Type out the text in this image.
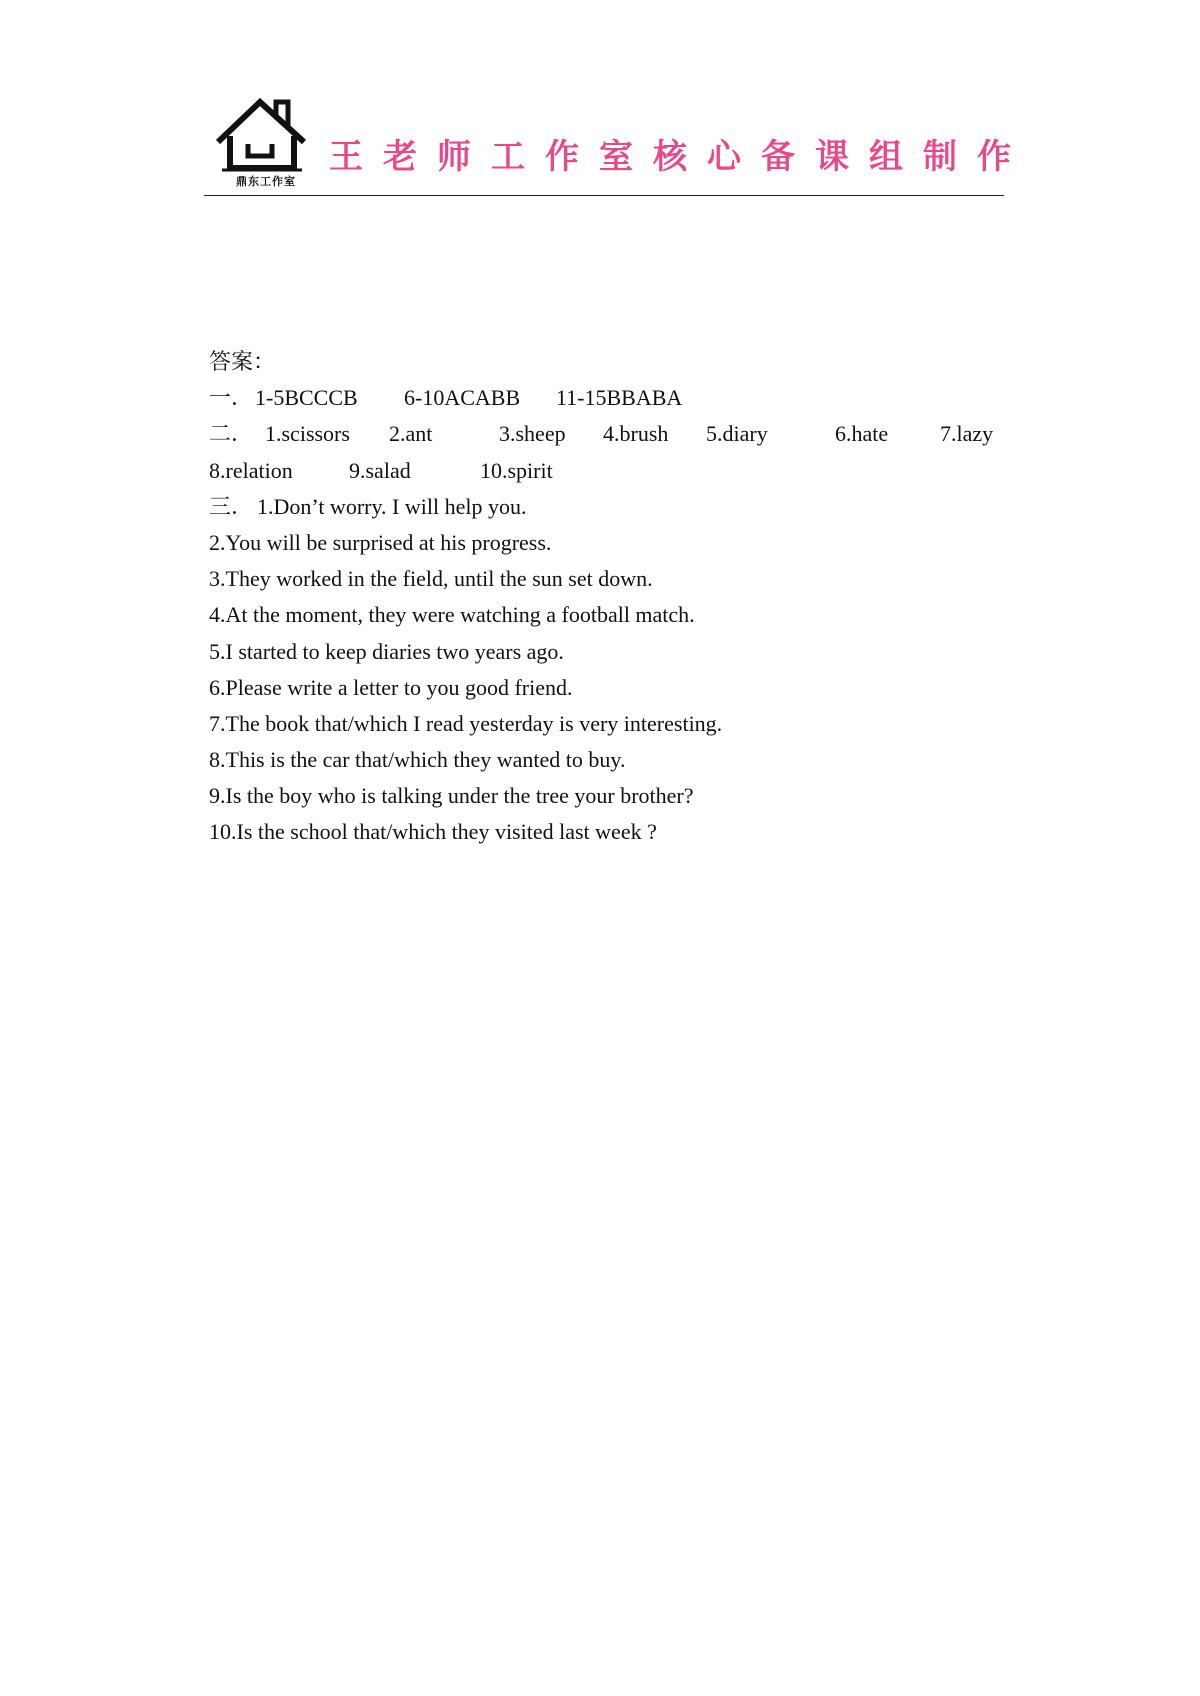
鼎东工作室
王老师工作室核心备课组制作
答案：
一．1-5BCCCB 6-10ACABB 11-15BBABA
二． 1.scissors 2.ant	3.sheep 4.brush 5.diary	6.hate 7.lazy
8.relation	9.salad	10.spirit
三． 1.Don’t worry. I will help you.
2.You will be surprised at his progress.
3.They worked in the field, until the sun set down.
4.At the moment, they were watching a football match.
5.I started to keep diaries two years ago.
6.Please write a letter to you good friend.
7.The book that/which I read yesterday is very interesting.
8.This is the car that/which they wanted to buy.
9.Is the boy who is talking under the tree your brother?
10.Is the school that/which they visited last week ?
